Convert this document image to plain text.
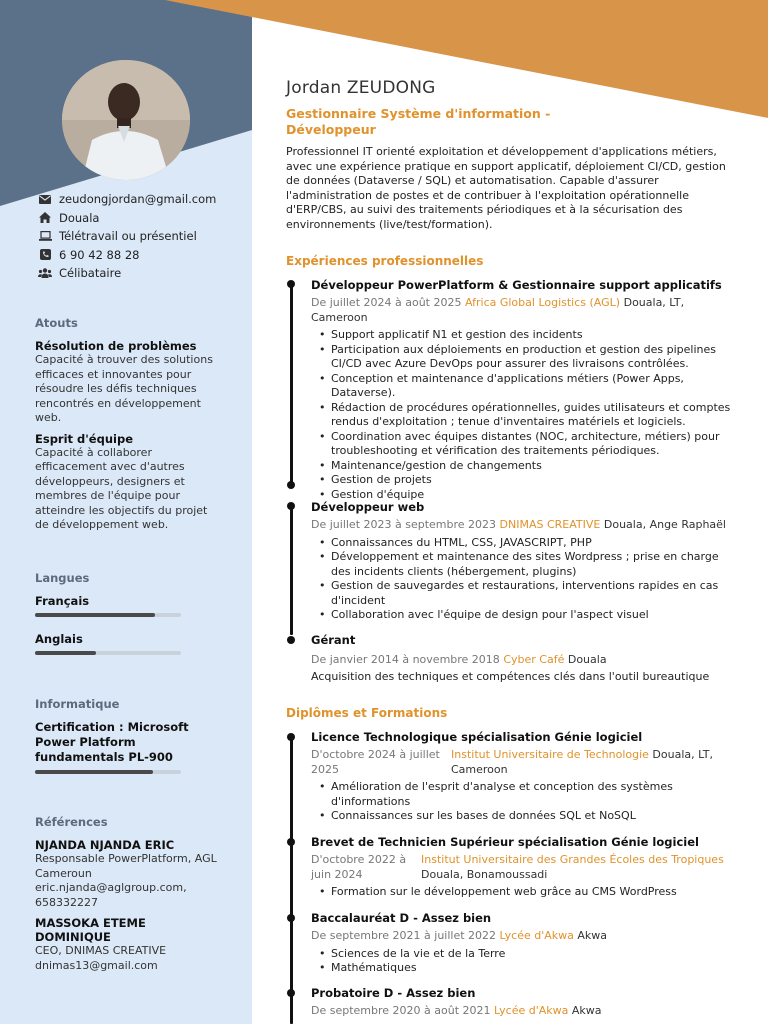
zeudongjordan@gmail.com
Douala
Télétravail ou présentiel
6 90 42 88 28
Célibataire
Atouts
Résolution de problèmes
Capacité à trouver des solutions efficaces et innovantes pour résoudre les défis techniques rencontrés en développement web.
Esprit d'équipe
Capacité à collaborer efficacement avec d'autres développeurs, designers et membres de l'équipe pour atteindre les objectifs du projet de développement web.
Langues
Français
Anglais
Informatique
Certification : Microsoft Power Platform fundamentals PL-900
Références
NJANDA NJANDA ERIC
Responsable PowerPlatform, AGL Cameroun
eric.njanda@aglgroup.com, 658332227
MASSOKA ETEME DOMINIQUE
CEO, DNIMAS CREATIVE
dnimas13@gmail.com
Jordan ZEUDONG
Gestionnaire Système d'information -
Développeur
Professionnel IT orienté exploitation et développement d'applications métiers, avec une expérience pratique en support applicatif, déploiement CI/CD, gestion de données (Dataverse / SQL) et automatisation. Capable d'assurer l'administration de postes et de contribuer à l'exploitation opérationnelle d'ERP/CBS, au suivi des traitements périodiques et à la sécurisation des environnements (live/test/formation).
Expériences professionnelles
Développeur PowerPlatform & Gestionnaire support applicatifs
De juillet 2024 à août 2025 Africa Global Logistics (AGL) Douala, LT, Cameroon
• Support applicatif N1 et gestion des incidents
• Participation aux déploiements en production et gestion des pipelines CI/CD avec Azure DevOps pour assurer des livraisons contrôlées.
• Conception et maintenance d'applications métiers (Power Apps, Dataverse).
• Rédaction de procédures opérationnelles, guides utilisateurs et comptes rendus d'exploitation ; tenue d'inventaires matériels et logiciels.
• Coordination avec équipes distantes (NOC, architecture, métiers) pour troubleshooting et vérification des traitements périodiques.
• Maintenance/gestion de changements
• Gestion de projets
• Gestion d'équipe
Développeur web
De juillet 2023 à septembre 2023 DNIMAS CREATIVE Douala, Ange Raphaël
• Connaissances du HTML, CSS, JAVASCRIPT, PHP
• Développement et maintenance des sites Wordpress ; prise en charge des incidents clients (hébergement, plugins)
• Gestion de sauvegardes et restaurations, interventions rapides en cas d'incident
• Collaboration avec l'équipe de design pour l'aspect visuel
Gérant
De janvier 2014 à novembre 2018 Cyber Café Douala
Acquisition des techniques et compétences clés dans l'outil bureautique
Diplômes et Formations
Licence Technologique spécialisation Génie logiciel
D'octobre 2024 à juillet 2025
Institut Universitaire de Technologie Douala, LT, Cameroon
• Amélioration de l'esprit d'analyse et conception des systèmes d'informations
• Connaissances sur les bases de données SQL et NoSQL
Brevet de Technicien Supérieur spécialisation Génie logiciel
D'octobre 2022 à juin 2024
Institut Universitaire des Grandes Écoles des Tropiques Douala, Bonamoussadi
• Formation sur le développement web grâce au CMS WordPress
Baccalauréat D - Assez bien
De septembre 2021 à juillet 2022 Lycée d'Akwa Akwa
• Sciences de la vie et de la Terre
• Mathématiques
Probatoire D - Assez bien
De septembre 2020 à août 2021 Lycée d'Akwa Akwa
